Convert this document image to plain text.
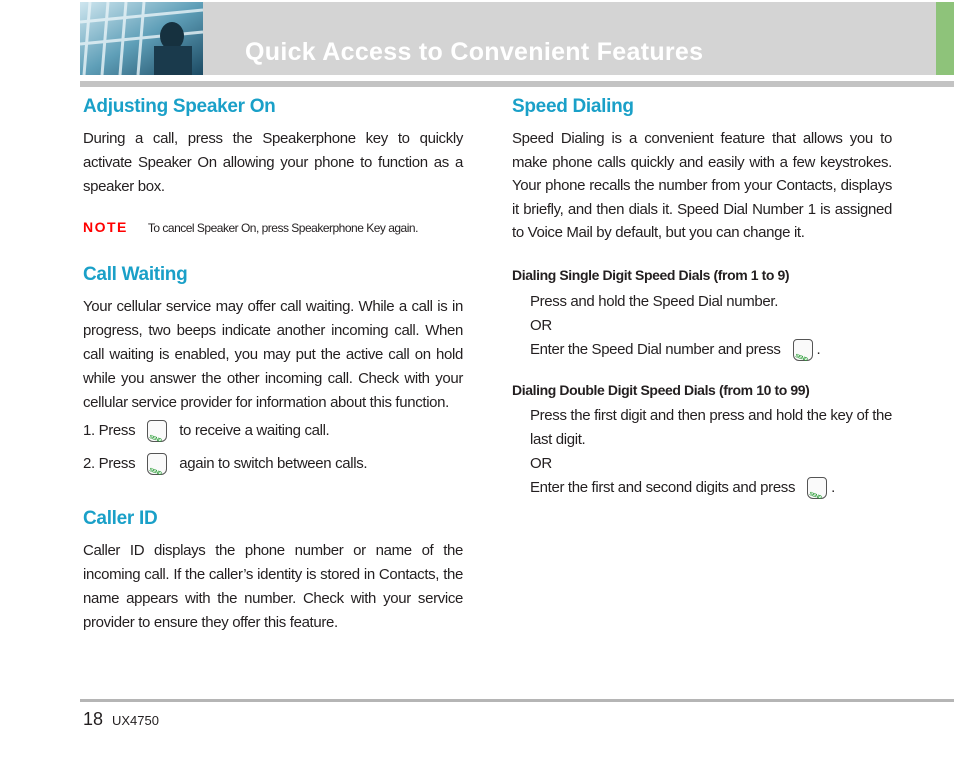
Quick Access to Convenient Features
Adjusting Speaker On

During a call, press the Speakerphone key to quickly activate Speaker On allowing your phone to function as a speaker box.

NOTE To cancel Speaker On, press Speakerphone Key again.
Call Waiting

Your cellular service may offer call waiting. While a call is in progress, two beeps indicate another incoming call. When call waiting is enabled, you may put the active call on hold while you answer the other incoming call. Check with your cellular service provider for information about this function.

1. Press	SEND to receive a waiting call.
2. Press	SEND again to switch between calls.
Caller ID

Caller ID displays the phone number or name of the incoming call. If the caller’s identity is stored in Contacts, the name appears with the number. Check with your service provider to ensure they offer this feature.

Speed Dialing

Speed Dialing is a convenient feature that allows you to make phone calls quickly and easily with a few keystrokes. Your phone recalls the number from your Contacts, displays it briefly, and then dials it. Speed Dial Number 1 is assigned to Voice Mail by default, but you can change it.

Dialing Single Digit Speed Dials (from 1 to 9)
Press and hold the Speed Dial number.
OR
Enter the Speed Dial number and press	SEND .
Dialing Double Digit Speed Dials (from 10 to 99)
Press the first digit and then press and hold the key of the last digit.
OR
Enter the first and second digits and press	SEND .
18 UX4750
